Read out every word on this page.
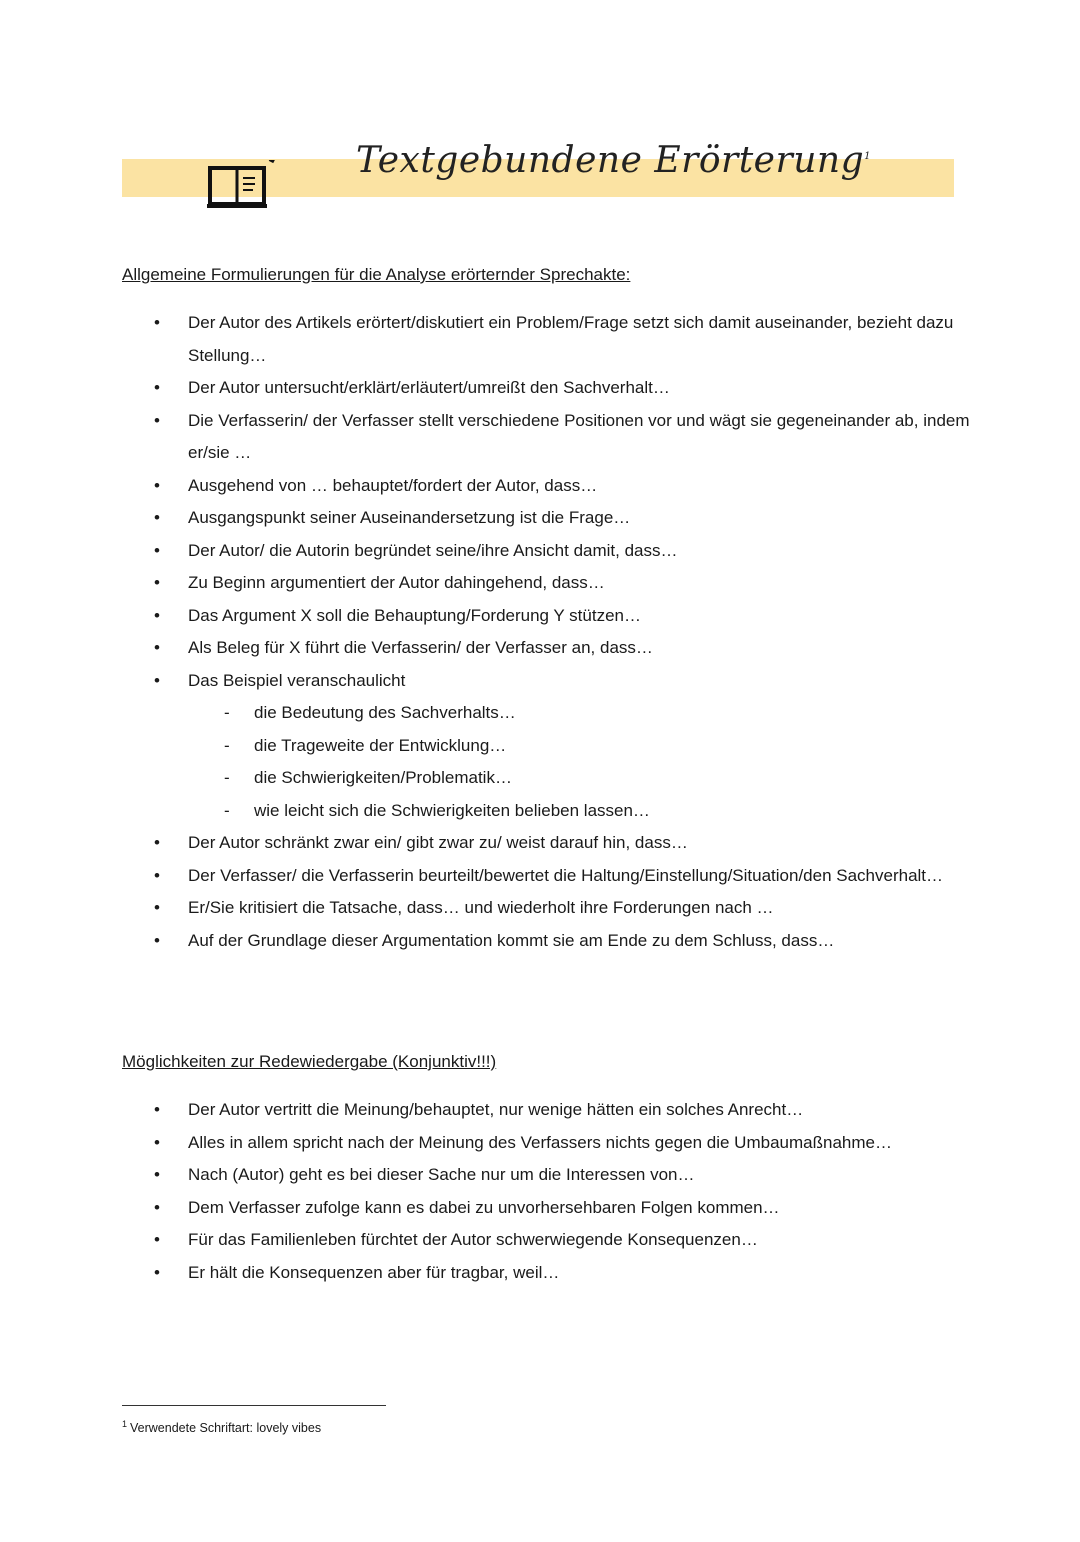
Textgebundene Erörterung$^1$
Allgemeine Formulierungen für die Analyse erörternder Sprechakte:
• Der Autor des Artikels erörtert/diskutiert ein Problem/Frage setzt sich damit auseinander, bezieht dazu Stellung…
• Der Autor untersucht/erklärt/erläutert/umreißt den Sachverhalt…
• Die Verfasserin/ der Verfasser stellt verschiedene Positionen vor und wägt sie gegeneinander ab, indem er/sie …
• Ausgehend von … behauptet/fordert der Autor, dass…
• Ausgangspunkt seiner Auseinandersetzung ist die Frage…
• Der Autor/ die Autorin begründet seine/ihre Ansicht damit, dass…
• Zu Beginn argumentiert der Autor dahingehend, dass…
• Das Argument X soll die Behauptung/Forderung Y stützen…
• Als Beleg für X führt die Verfasserin/ der Verfasser an, dass…
• Das Beispiel veranschaulicht
- die Bedeutung des Sachverhalts…
- die Trageweite der Entwicklung…
- die Schwierigkeiten/Problematik…
- wie leicht sich die Schwierigkeiten belieben lassen…
• Der Autor schränkt zwar ein/ gibt zwar zu/ weist darauf hin, dass…
• Der Verfasser/ die Verfasserin beurteilt/bewertet die Haltung/Einstellung/Situation/den Sachverhalt…
• Er/Sie kritisiert die Tatsache, dass… und wiederholt ihre Forderungen nach …
• Auf der Grundlage dieser Argumentation kommt sie am Ende zu dem Schluss, dass…
Möglichkeiten zur Redewiedergabe (Konjunktiv!!!)
• Der Autor vertritt die Meinung/behauptet, nur wenige hätten ein solches Anrecht…
• Alles in allem spricht nach der Meinung des Verfassers nichts gegen die Umbaumaßnahme…
• Nach (Autor) geht es bei dieser Sache nur um die Interessen von…
• Dem Verfasser zufolge kann es dabei zu unvorhersehbaren Folgen kommen…
• Für das Familienleben fürchtet der Autor schwerwiegende Konsequenzen…
• Er hält die Konsequenzen aber für tragbar, weil…
$^1$ Verwendete Schriftart: lovely vibes
